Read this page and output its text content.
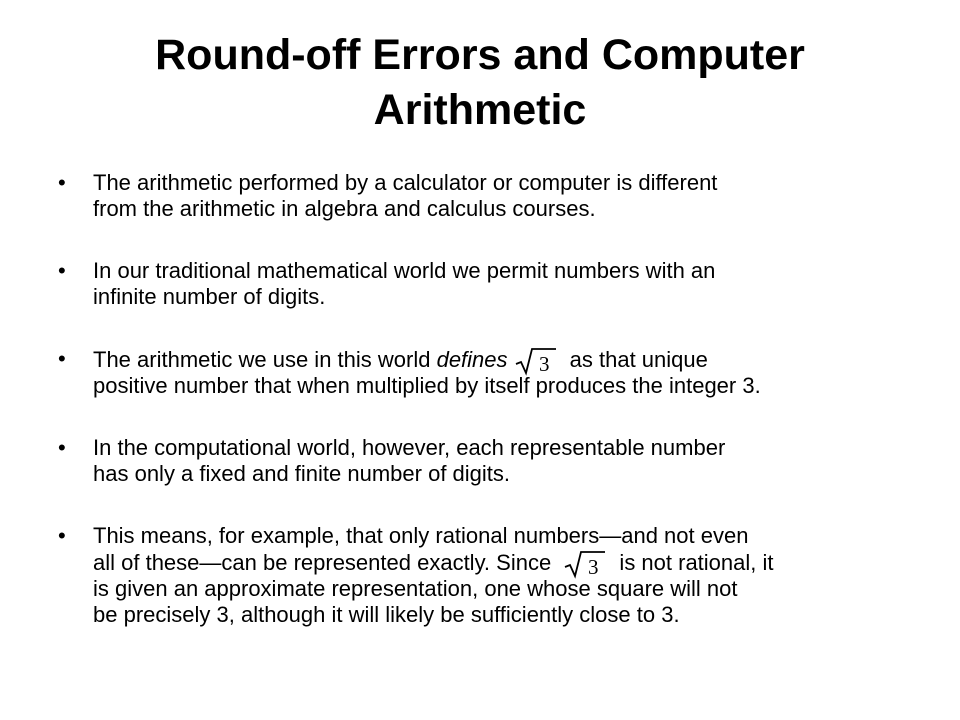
Round-off Errors and Computer
Arithmetic
•	The arithmetic performed by a calculator or computer is different
from the arithmetic in algebra and calculus courses.
•	In our traditional mathematical world we permit numbers with an
infinite number of digits.
•	The arithmetic we use in this world defines 3 as that unique
positive number that when multiplied by itself produces the integer 3.
•	In the computational world, however, each representable number
has only a fixed and finite number of digits.
•	This means, for example, that only rational numbers—and not even
all of these—can be represented exactly. Since 3 is not rational, it
is given an approximate representation, one whose square will not
be precisely 3, although it will likely be sufficiently close to 3.
